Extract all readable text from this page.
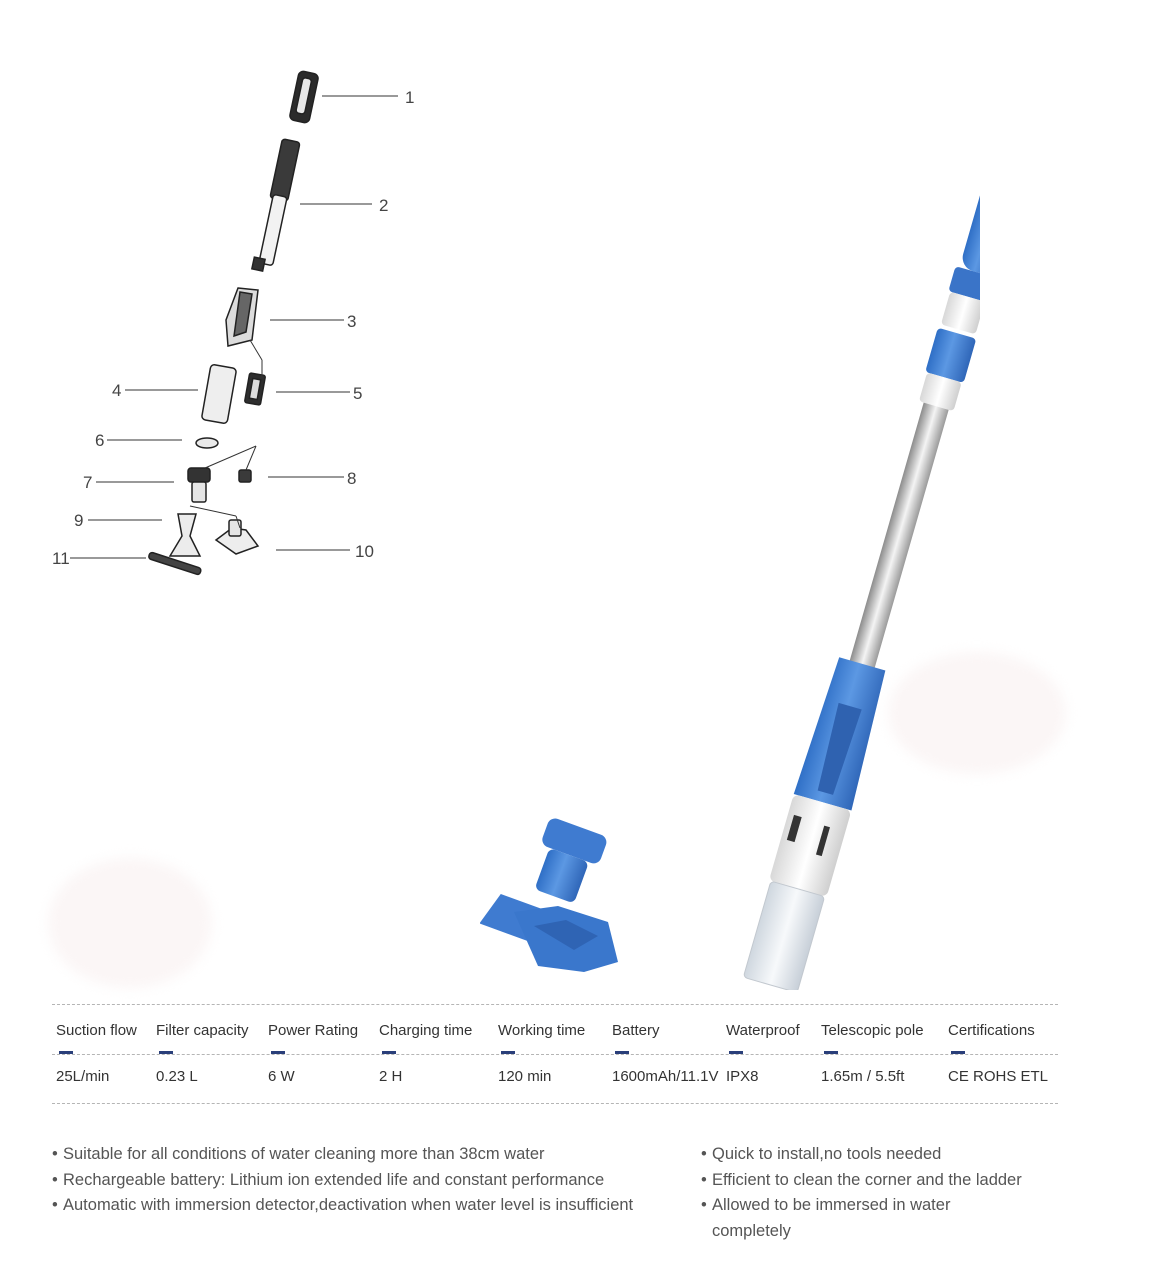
1
2
3
4	5
6
7	8
9
10
11
Suction flow
25L/min
Filter capacity
0.23 L
Power Rating
6 W
Charging time
2 H
Working time
120 min
Battery
1600mAh/11.1V
Waterproof
IPX8
Telescopic pole
1.65m / 5.5ft
Certifications
CE ROHS ETL
• Suitable for all conditions of water cleaning more than 38cm water
• Rechargeable battery: Lithium ion extended life and constant performance
• Automatic with immersion detector,deactivation when water level is insufficient
• Quick to install,no tools needed
• Efficient to clean the corner and the ladder
• Allowed to be immersed in water completely
